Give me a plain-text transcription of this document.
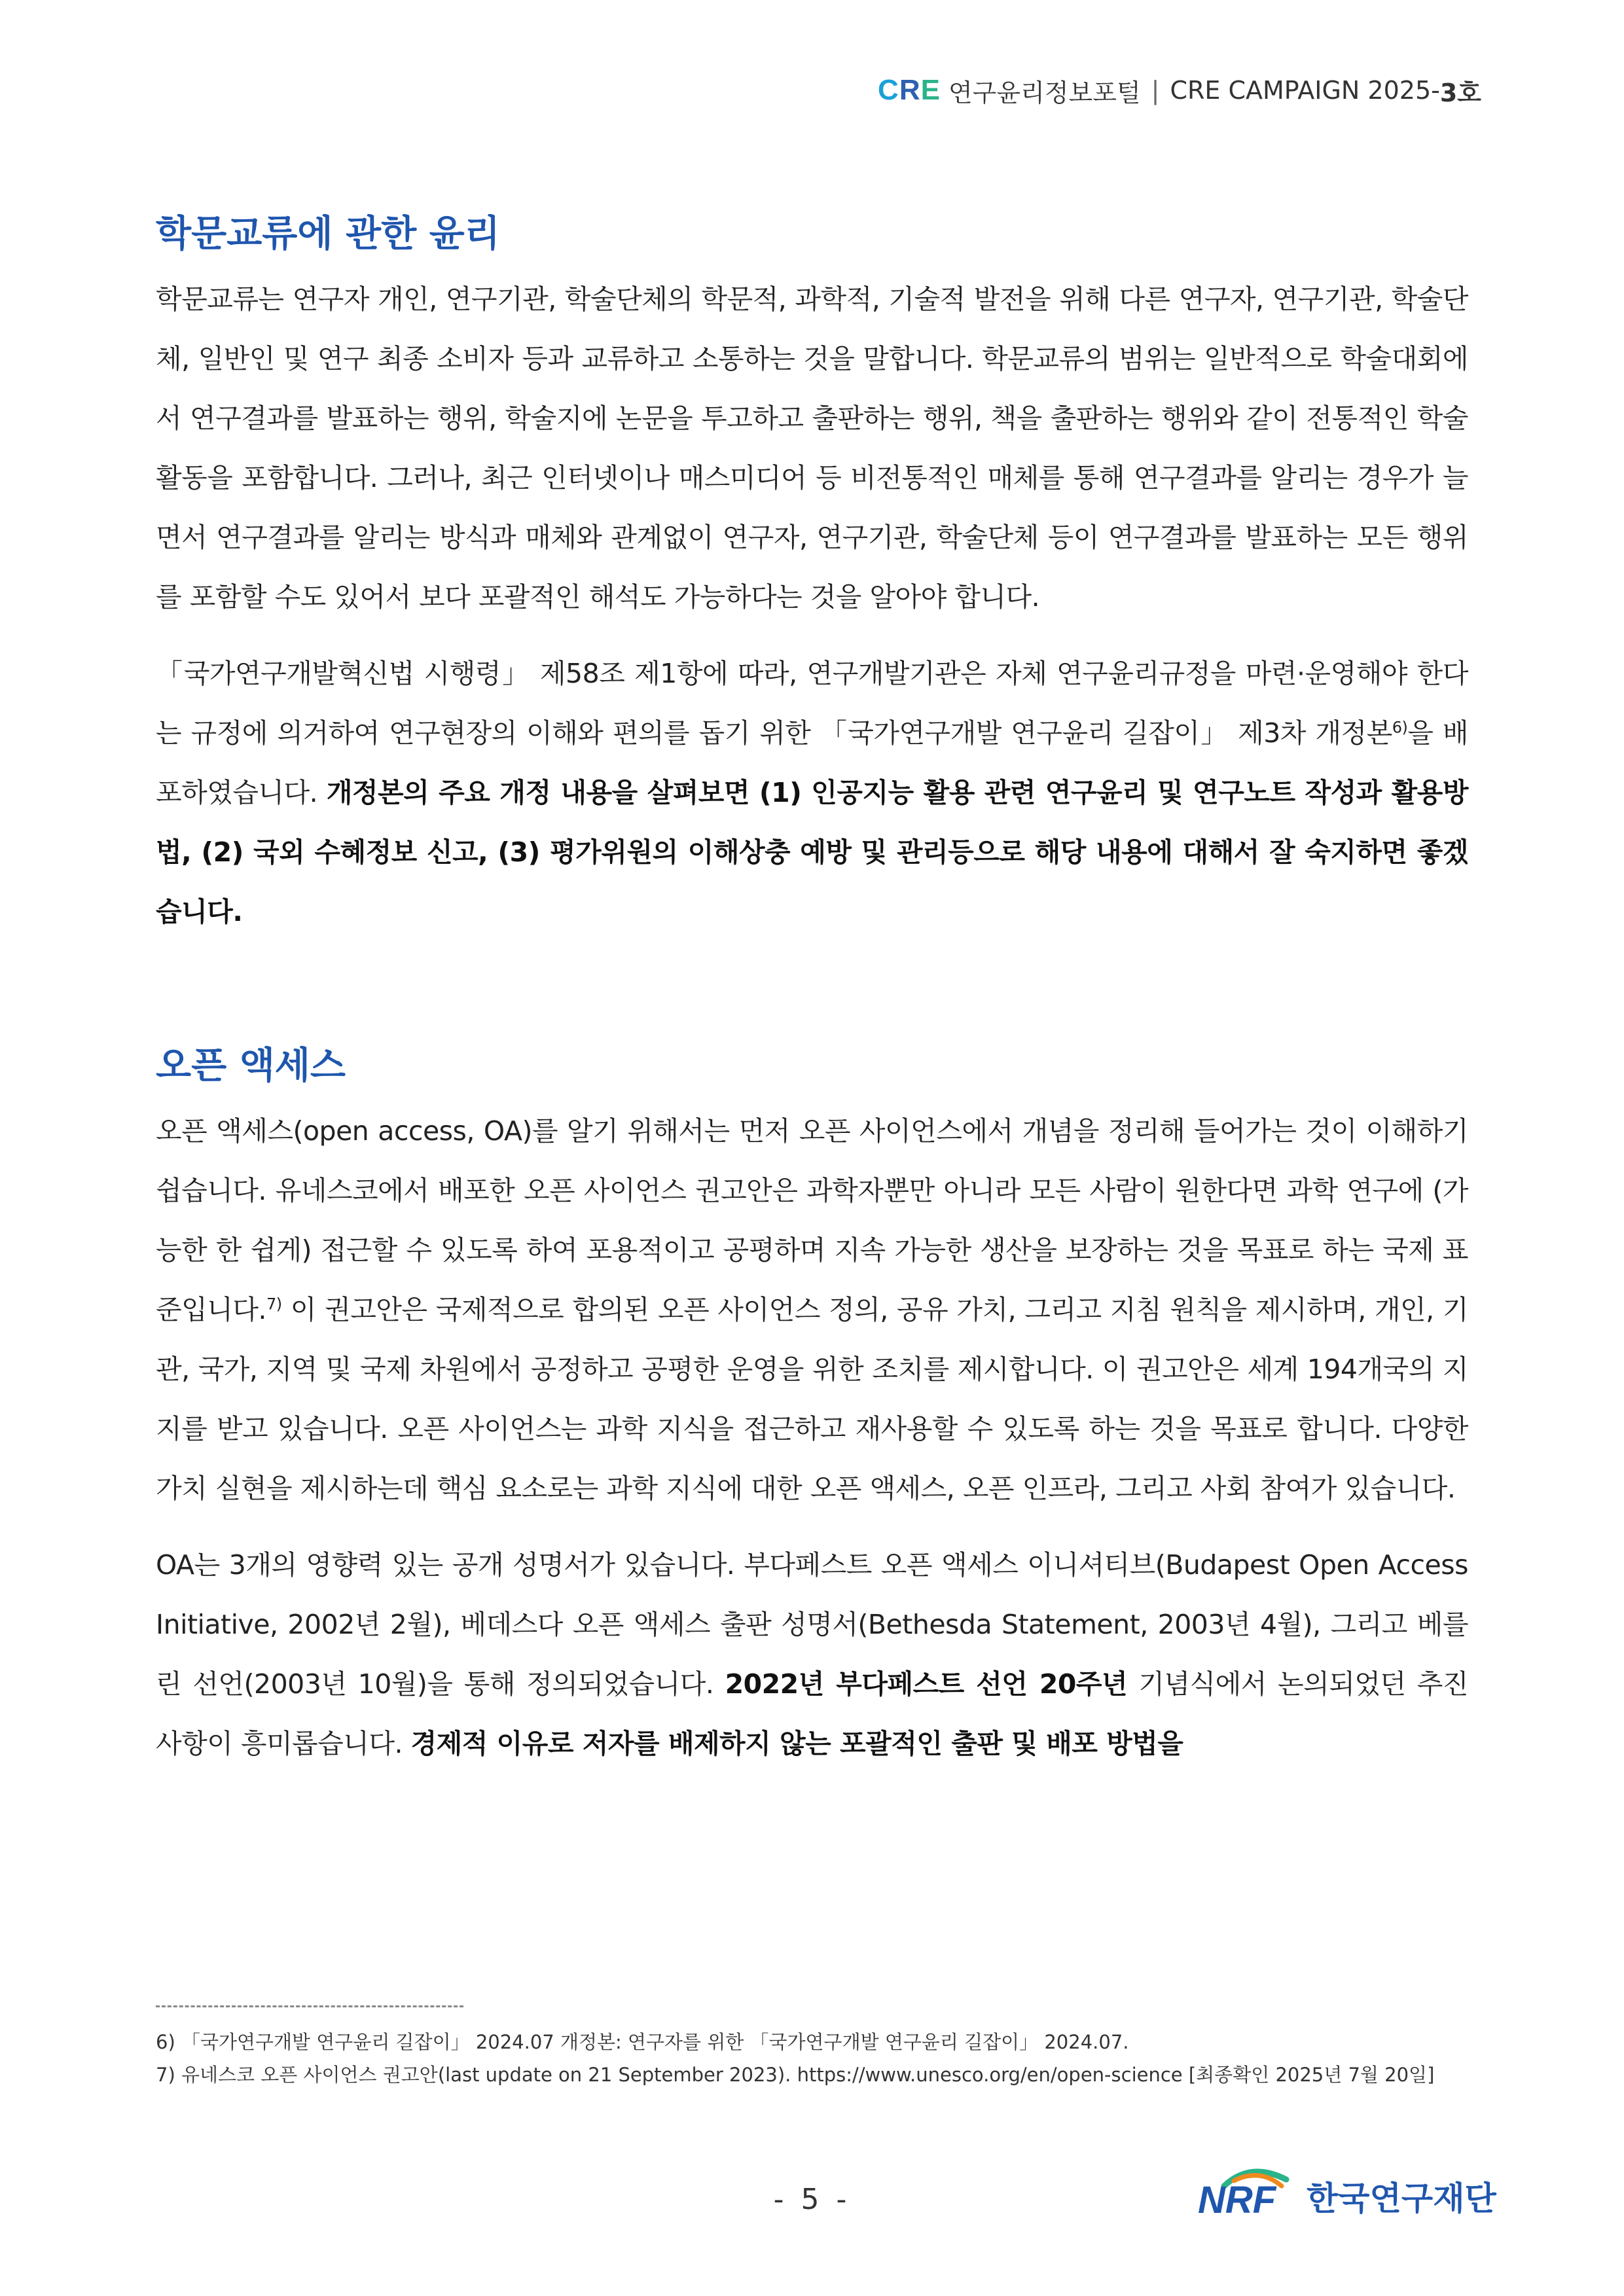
CRE 연구윤리정보포털 | CRE CAMPAIGN 2025- 3호
학문교류에 관한 윤리

학문교류는 연구자 개인, 연구기관, 학술단체의 학문적, 과학적, 기술적 발전을 위해 다른 연구자, 연구기관, 학술단체, 일반인 및 연구 최종 소비자 등과 교류하고 소통하는 것을 말합니다. 학문교류의 범위는 일반적으로 학술대회에서 연구결과를 발표하는 행위, 학술지에 논문을 투고하고 출판하는 행위, 책을 출판하는 행위와 같이 전통적인 학술활동을 포함합니다. 그러나, 최근 인터넷이나 매스미디어 등 비전통적인 매체를 통해 연구결과를 알리는 경우가 늘면서 연구결과를 알리는 방식과 매체와 관계없이 연구자, 연구기관, 학술단체 등이 연구결과를 발표하는 모든 행위를 포함할 수도 있어서 보다 포괄적인 해석도 가능하다는 것을 알아야 합니다.

「국가연구개발혁신법 시행령」 제58조 제1항에 따라, 연구개발기관은 자체 연구윤리규정을 마련·운영해야 한다는 규정에 의거하여 연구현장의 이해와 편의를 돕기 위한 「국가연구개발 연구윤리 길잡이」 제3차 개정본$^{6)}$을 배포하였습니다. 개정본의 주요 개정 내용을 살펴보면 (1) 인공지능 활용 관련 연구윤리 및 연구노트 작성과 활용방법, (2) 국외 수혜정보 신고, (3) 평가위원의 이해상충 예방 및 관리등으로 해당 내용에 대해서 잘 숙지하면 좋겠습니다.

오픈 액세스

오픈 액세스(open access, OA)를 알기 위해서는 먼저 오픈 사이언스에서 개념을 정리해 들어가는 것이 이해하기 쉽습니다. 유네스코에서 배포한 오픈 사이언스 권고안은 과학자뿐만 아니라 모든 사람이 원한다면 과학 연구에 (가능한 한 쉽게) 접근할 수 있도록 하여 포용적이고 공평하며 지속 가능한 생산을 보장하는 것을 목표로 하는 국제 표준입니다.$^{7)}$ 이 권고안은 국제적으로 합의된 오픈 사이언스 정의, 공유 가치, 그리고 지침 원칙을 제시하며, 개인, 기관, 국가, 지역 및 국제 차원에서 공정하고 공평한 운영을 위한 조치를 제시합니다. 이 권고안은 세계 194개국의 지지를 받고 있습니다. 오픈 사이언스는 과학 지식을 접근하고 재사용할 수 있도록 하는 것을 목표로 합니다. 다양한 가치 실현을 제시하는데 핵심 요소로는 과학 지식에 대한 오픈 액세스, 오픈 인프라, 그리고 사회 참여가 있습니다.

OA는 3개의 영향력 있는 공개 성명서가 있습니다. 부다페스트 오픈 액세스 이니셔티브(Budapest Open Access Initiative, 2002년 2월), 베데스다 오픈 액세스 출판 성명서(Bethesda Statement, 2003년 4월), 그리고 베를린 선언(2003년 10월)을 통해 정의되었습니다. 2022년 부다페스트 선언 20주년 기념식에서 논의되었던 추진 사항이 흥미롭습니다. 경제적 이유로 저자를 배제하지 않는 포괄적인 출판 및 배포 방법을

6) 「국가연구개발 연구윤리 길잡이」 2024.07 개정본: 연구자를 위한 「국가연구개발 연구윤리 길잡이」 2024.07.
7) 유네스코 오픈 사이언스 권고안(last update on 21 September 2023). https://www.unesco.org/en/open-science [최종확인 2025년 7월 20일]
- 5 -	NRF 한국연구재단
